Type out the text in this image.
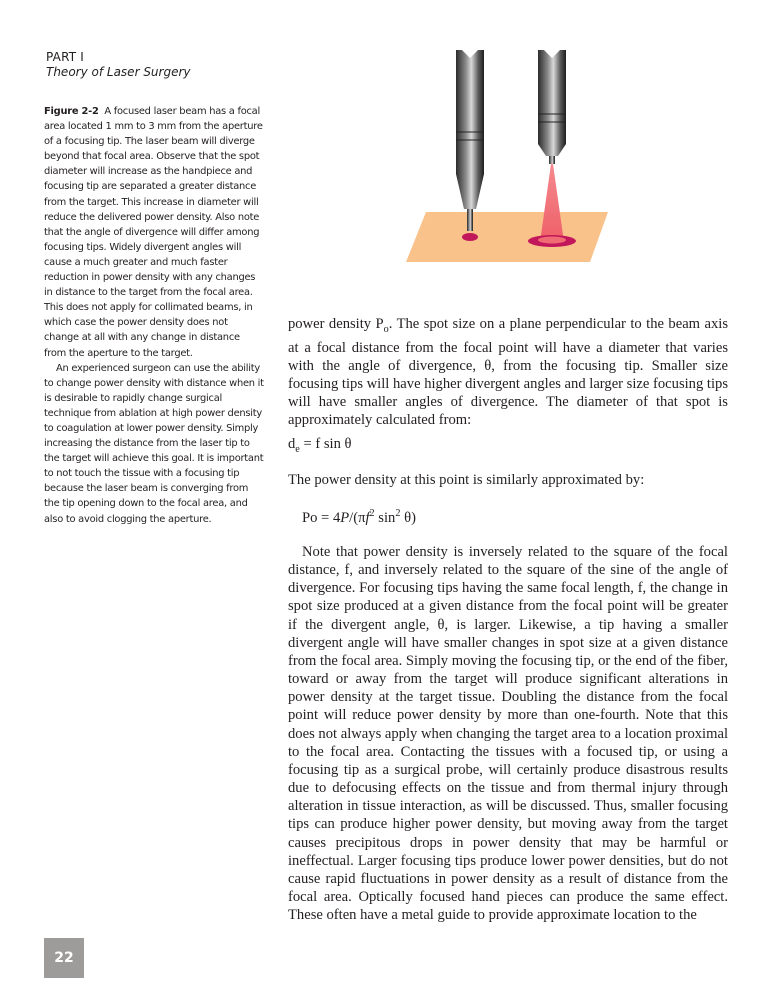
PART I
Theory of Laser Surgery

Figure 2-2 A focused laser beam has a focal area located 1 mm to 3 mm from the aperture of a focusing tip. The laser beam will diverge beyond that focal area. Observe that the spot diameter will increase as the handpiece and focusing tip are separated a greater distance from the target. This increase in diameter will reduce the delivered power density. Also note that the angle of divergence will differ among focusing tips. Widely divergent angles will cause a much greater and much faster reduction in power density with any changes in distance to the target from the focal area. This does not apply for collimated beams, in which case the power density does not change at all with any change in distance from the aperture to the target.

An experienced surgeon can use the ability to change power density with distance when it is desirable to rapidly change surgical technique from ablation at high power density to coagulation at lower power density. Simply increasing the distance from the laser tip to the target will achieve this goal. It is important to not touch the tissue with a focusing tip because the laser beam is converging from the tip opening down to the focal area, and also to avoid clogging the aperture.

power density $P_o$. The spot size on a plane perpendicular to the beam axis at a focal distance from the focal point will have a diameter that varies with the angle of divergence, θ, from the focusing tip. Smaller size focusing tips will have higher divergent angles and larger size focusing tips will have smaller angles of divergence. The diameter of that spot is approximately calculated from:

$d_e = f$ sin θ
The power density at this point is similarly approximated by:
$Po = 4P/(\pi f^2$ $\sin^2 \theta$)
Note that power density is inversely related to the square of the focal distance, f, and inversely related to the square of the sine of the angle of divergence. For focusing tips having the same focal length, f, the change in spot size produced at a given distance from the focal point will be greater if the divergent angle, θ, is larger. Likewise, a tip having a smaller divergent angle will have smaller changes in spot size at a given distance from the focal area. Simply moving the focusing tip, or the end of the fiber, toward or away from the target will produce significant alterations in power density at the target tissue. Doubling the distance from the focal point will reduce power density by more than one-fourth. Note that this does not always apply when changing the target area to a location proximal to the focal area. Contacting the tissues with a focused tip, or using a focusing tip as a surgical probe, will certainly produce disastrous results due to defocusing effects on the tissue and from thermal injury through alteration in tissue interaction, as will be discussed. Thus, smaller focusing tips can produce higher power density, but moving away from the target causes precipitous drops in power density that may be harmful or ineffectual. Larger focusing tips produce lower power densities, but do not cause rapid fluctuations in power density as a result of distance from the focal area. Optically focused hand pieces can produce the same effect. These often have a metal guide to provide approximate location to the
22
